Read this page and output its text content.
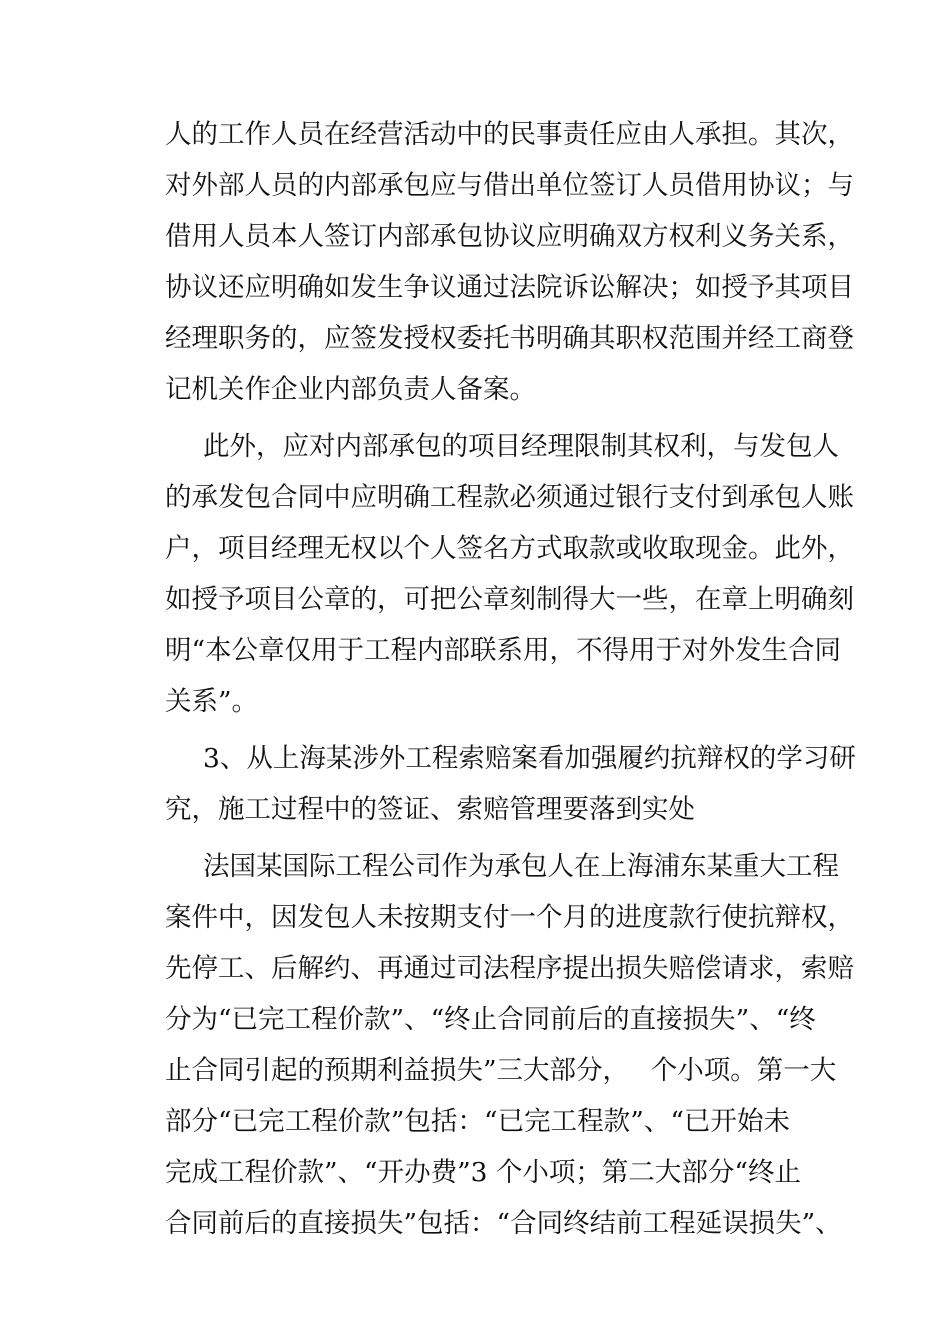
人的工作人员在经营活动中的民事责任应由人承担。其次，
对外部人员的内部承包应与借出单位签订人员借用协议；与
借用人员本人签订内部承包协议应明确双方权利义务关系，
协议还应明确如发生争议通过法院诉讼解决；如授予其项目
经理职务的，应签发授权委托书明确其职权范围并经工商登
记机关作企业内部负责人备案。
此外，应对内部承包的项目经理限制其权利，与发包人
的承发包合同中应明确工程款必须通过银行支付到承包人账
户，项目经理无权以个人签名方式取款或收取现金。此外，
如授予项目公章的，可把公章刻制得大一些，在章上明确刻
明“本公章仅用于工程内部联系用，不得用于对外发生合同
关系”。
3、从上海某涉外工程索赔案看加强履约抗辩权的学习研
究，施工过程中的签证、索赔管理要落到实处
法国某国际工程公司作为承包人在上海浦东某重大工程
案件中，因发包人未按期支付一个月的进度款行使抗辩权，
先停工、后解约、再通过司法程序提出损失赔偿请求，索赔
分为“已完工程价款”、“终止合同前后的直接损失”、“终
止合同引起的预期利益损失”三大部分，　 个小项。第一大
部分“已完工程价款”包括：“已完工程款”、“已开始未
完成工程价款”、“开办费”3 个小项；第二大部分“终止
合同前后的直接损失”包括：“合同终结前工程延误损失”、
